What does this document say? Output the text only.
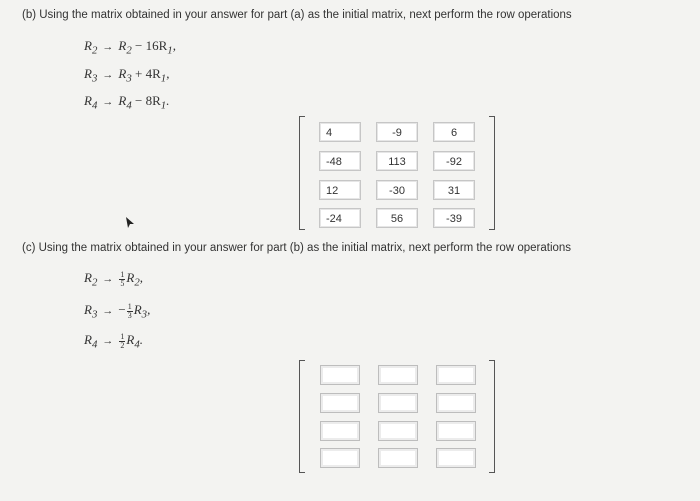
(b) Using the matrix obtained in your answer for part (a) as the initial matrix, next perform the row operations
$R_2 \to R_2 - 16R_1$,
$R_3 \to R_3 + 4R_1$,
$R_4 \to R_4 - 8R_1$.
4	-9	6
-48	113	-92
12	-30	31
-24	56	-39
(c) Using the matrix obtained in your answer for part (b) as the initial matrix, next perform the row operations
$R_2 \to \frac{1}{5} R_2$,
$R_3$ → − $\frac{1}{3} R_3$,
$R_4 \to \frac{1}{2} R_4$.
